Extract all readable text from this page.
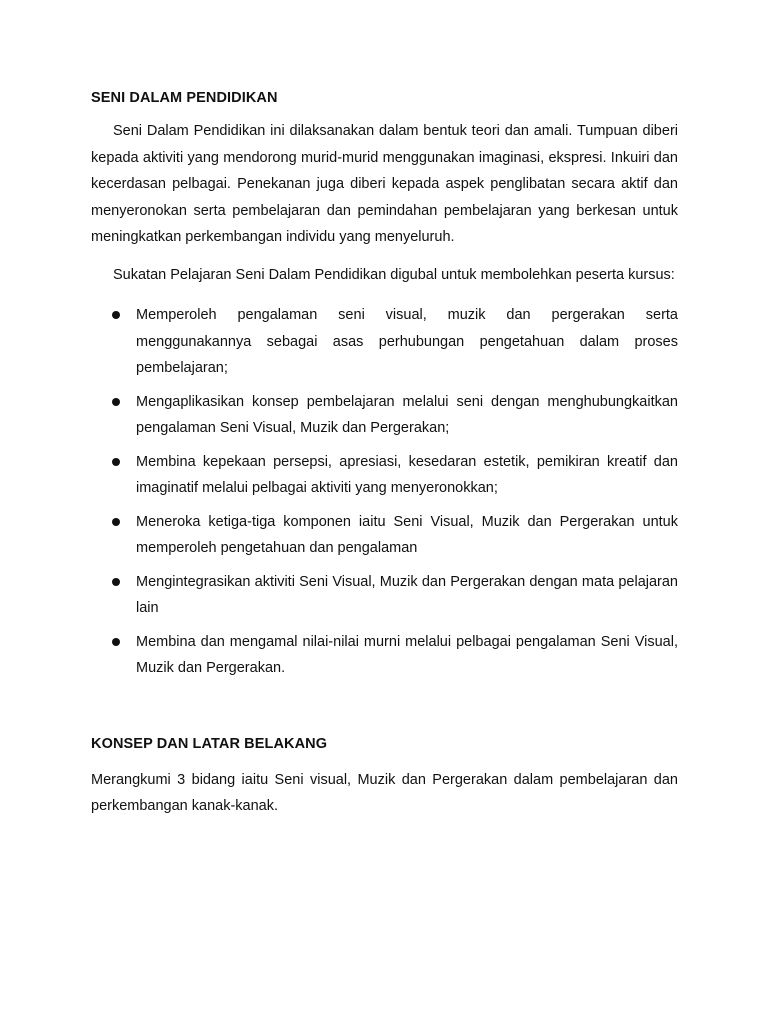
SENI DALAM PENDIDIKAN

Seni Dalam Pendidikan ini dilaksanakan dalam bentuk teori dan amali. Tumpuan diberi kepada aktiviti yang mendorong murid-murid menggunakan imaginasi, ekspresi. Inkuiri dan kecerdasan pelbagai. Penekanan juga diberi kepada aspek penglibatan secara aktif dan menyeronokan serta pembelajaran dan pemindahan pembelajaran yang berkesan untuk meningkatkan perkembangan individu yang menyeluruh.

Sukatan Pelajaran Seni Dalam Pendidikan digubal untuk membolehkan peserta kursus:

Memperoleh pengalaman seni visual, muzik dan pergerakan serta menggunakannya sebagai asas perhubungan pengetahuan dalam proses pembelajaran;
Mengaplikasikan konsep pembelajaran melalui seni dengan menghubungkaitkan pengalaman Seni Visual, Muzik dan Pergerakan;
Membina kepekaan persepsi, apresiasi, kesedaran estetik, pemikiran kreatif dan imaginatif melalui pelbagai aktiviti yang menyeronokkan;
Meneroka ketiga-tiga komponen iaitu Seni Visual, Muzik dan Pergerakan untuk memperoleh pengetahuan dan pengalaman
Mengintegrasikan aktiviti Seni Visual, Muzik dan Pergerakan dengan mata pelajaran lain
Membina dan mengamal nilai-nilai murni melalui pelbagai pengalaman Seni Visual, Muzik dan Pergerakan.
KONSEP DAN LATAR BELAKANG

Merangkumi 3 bidang iaitu Seni visual, Muzik dan Pergerakan dalam pembelajaran dan perkembangan kanak-kanak.
